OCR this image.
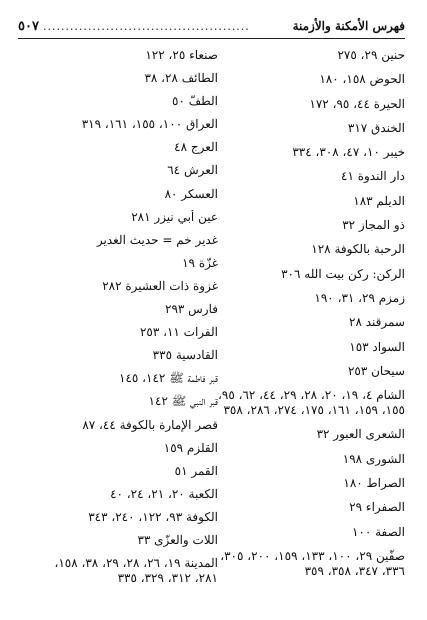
فهرس الأمكنة والأزمنة
..............................................
٥٠٧
حنين ٢٩، ٢٧٥
الحوض ١٥٨، ١٨٠
الحيرة ٤٤، ٩٥، ١٧٢
الخندق ٣١٧
خيبر ١٠، ٤٧، ٣٠٨، ٣٣٤
دار الندوة ٤١
الديلم ١٨٣
ذو المجاز ٣٢
الرحبة بالكوفة ١٢٨
الركن: ركن بيت الله ٣٠٦
زمزم ٢٩، ٣١، ١٩٠
سمرقند ٢٨
السواد ١٥٣
سيحان ٢٥٣
الشام ٤، ١٩، ٢٠، ٢٨، ٢٩، ٤٤، ٦٢، ٩٥،
١٥٥، ١٥٩، ١٦١، ١٧٥، ٢٧٤، ٢٨٦، ٣٥٨
الشعرى العبور ٣٢
الشورى ١٩٨
الصراط ١٨٠
الصفراء ٢٩
الصفة ١٠٠
صفّين ٢٩، ١٠٠، ١٣٣، ١٥٩، ٢٠٠، ٣٠٥،
٣٣٦، ٣٤٧، ٣٥٨، ٣٥٩
صنعاء ٢٥، ١٢٢
الطائف ٢٨، ٣٨
الطفّ ٥٠
العراق ١٠٠، ١٥٥، ١٦١، ٣١٩
العرج ٤٨
العرش ٦٤
العسكر ٨٠
عين أبي نيزر ٢٨١
غدير خم = حديث الغدير
غزّة ١٩
غزوة ذات العشيرة ٢٨٢
فارس ٢٩٣
الفرات ١١، ٢٥٣
القادسية ٣٣٥
قبر فاطمة ﷺ ١٤٢، ١٤٥
قبر النبي ﷺ ١٤٢
قصر الإمارة بالكوفة ٤٤، ٨٧
القلزم ١٥٩
القمر ٥١
الكعبة ٢٠، ٢١، ٢٤، ٤٠
الكوفة ٩٣، ١٢٢، ٢٤٠، ٣٤٣
اللات والعزّى ٣٣
المدينة ١٩، ٢٦، ٢٨، ٢٩، ٣٨، ١٥٨،
٢٨١، ٣١٢، ٣٢٩، ٣٣٥
